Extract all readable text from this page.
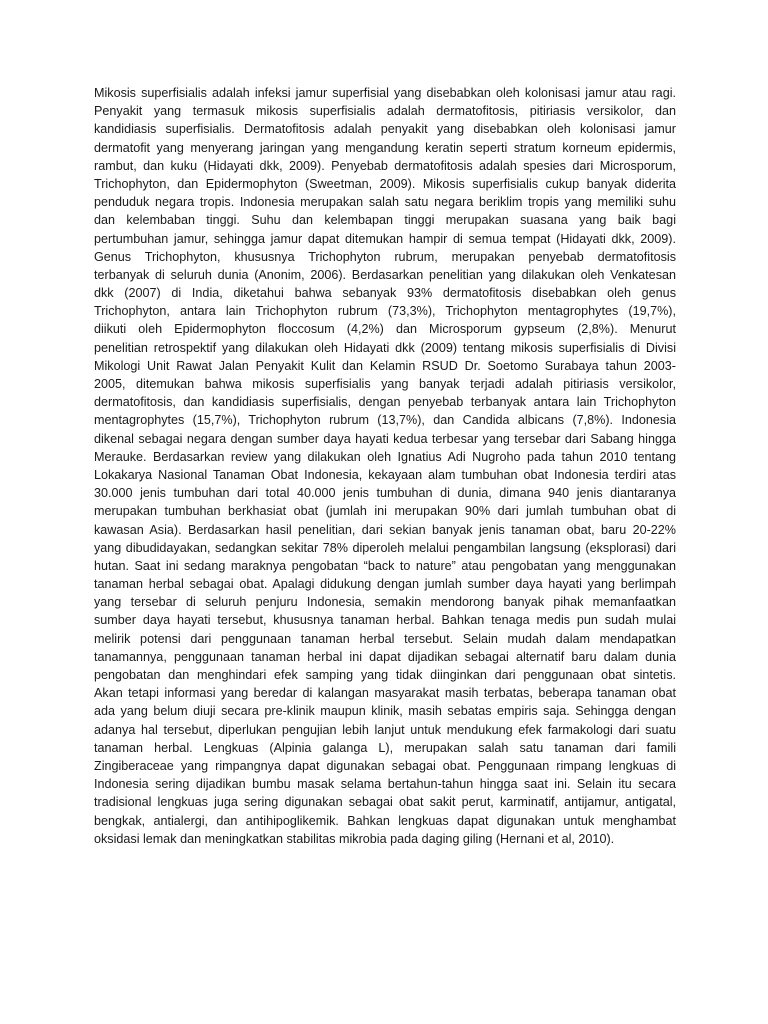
Mikosis superfisialis adalah infeksi jamur superfisial yang disebabkan oleh kolonisasi jamur atau ragi.
Penyakit yang termasuk mikosis superfisialis adalah dermatofitosis, pitiriasis versikolor, dan
kandidiasis superfisialis. Dermatofitosis adalah penyakit yang disebabkan oleh kolonisasi jamur
dermatofit yang menyerang jaringan yang mengandung keratin seperti stratum korneum epidermis,
rambut, dan kuku (Hidayati dkk, 2009). Penyebab dermatofitosis adalah spesies dari Microsporum,
Trichophyton, dan Epidermophyton (Sweetman, 2009). Mikosis superfisialis cukup banyak diderita
penduduk negara tropis. Indonesia merupakan salah satu negara beriklim tropis yang memiliki suhu
dan kelembaban tinggi. Suhu dan kelembapan tinggi merupakan suasana yang baik bagi
pertumbuhan jamur, sehingga jamur dapat ditemukan hampir di semua tempat (Hidayati dkk, 2009).
Genus Trichophyton, khususnya Trichophyton rubrum, merupakan penyebab dermatofitosis
terbanyak di seluruh dunia (Anonim, 2006). Berdasarkan penelitian yang dilakukan oleh Venkatesan
dkk (2007) di India, diketahui bahwa sebanyak 93% dermatofitosis disebabkan oleh genus
Trichophyton, antara lain Trichophyton rubrum (73,3%), Trichophyton mentagrophytes (19,7%),
diikuti oleh Epidermophyton floccosum (4,2%) dan Microsporum gypseum (2,8%). Menurut
penelitian retrospektif yang dilakukan oleh Hidayati dkk (2009) tentang mikosis superfisialis di Divisi
Mikologi Unit Rawat Jalan Penyakit Kulit dan Kelamin RSUD Dr. Soetomo Surabaya tahun 2003-
2005, ditemukan bahwa mikosis superfisialis yang banyak terjadi adalah pitiriasis versikolor,
dermatofitosis, dan kandidiasis superfisialis, dengan penyebab terbanyak antara lain Trichophyton
mentagrophytes (15,7%), Trichophyton rubrum (13,7%), dan Candida albicans (7,8%). Indonesia
dikenal sebagai negara dengan sumber daya hayati kedua terbesar yang tersebar dari Sabang hingga
Merauke. Berdasarkan review yang dilakukan oleh Ignatius Adi Nugroho pada tahun 2010 tentang
Lokakarya Nasional Tanaman Obat Indonesia, kekayaan alam tumbuhan obat Indonesia terdiri atas
30.000 jenis tumbuhan dari total 40.000 jenis tumbuhan di dunia, dimana 940 jenis diantaranya
merupakan tumbuhan berkhasiat obat (jumlah ini merupakan 90% dari jumlah tumbuhan obat di
kawasan Asia). Berdasarkan hasil penelitian, dari sekian banyak jenis tanaman obat, baru 20-22%
yang dibudidayakan, sedangkan sekitar 78% diperoleh melalui pengambilan langsung (eksplorasi) dari
hutan. Saat ini sedang maraknya pengobatan “back to nature” atau pengobatan yang menggunakan
tanaman herbal sebagai obat. Apalagi didukung dengan jumlah sumber daya hayati yang berlimpah
yang tersebar di seluruh penjuru Indonesia, semakin mendorong banyak pihak memanfaatkan
sumber daya hayati tersebut, khususnya tanaman herbal. Bahkan tenaga medis pun sudah mulai
melirik potensi dari penggunaan tanaman herbal tersebut. Selain mudah dalam mendapatkan
tanamannya, penggunaan tanaman herbal ini dapat dijadikan sebagai alternatif baru dalam dunia
pengobatan dan menghindari efek samping yang tidak diinginkan dari penggunaan obat sintetis.
Akan tetapi informasi yang beredar di kalangan masyarakat masih terbatas, beberapa tanaman obat
ada yang belum diuji secara pre-klinik maupun klinik, masih sebatas empiris saja. Sehingga dengan
adanya hal tersebut, diperlukan pengujian lebih lanjut untuk mendukung efek farmakologi dari suatu
tanaman herbal. Lengkuas (Alpinia galanga L), merupakan salah satu tanaman dari famili
Zingiberaceae yang rimpangnya dapat digunakan sebagai obat. Penggunaan rimpang lengkuas di
Indonesia sering dijadikan bumbu masak selama bertahun-tahun hingga saat ini. Selain itu secara
tradisional lengkuas juga sering digunakan sebagai obat sakit perut, karminatif, antijamur, antigatal,
bengkak, antialergi, dan antihipoglikemik. Bahkan lengkuas dapat digunakan untuk menghambat
oksidasi lemak dan meningkatkan stabilitas mikrobia pada daging giling (Hernani et al, 2010).
